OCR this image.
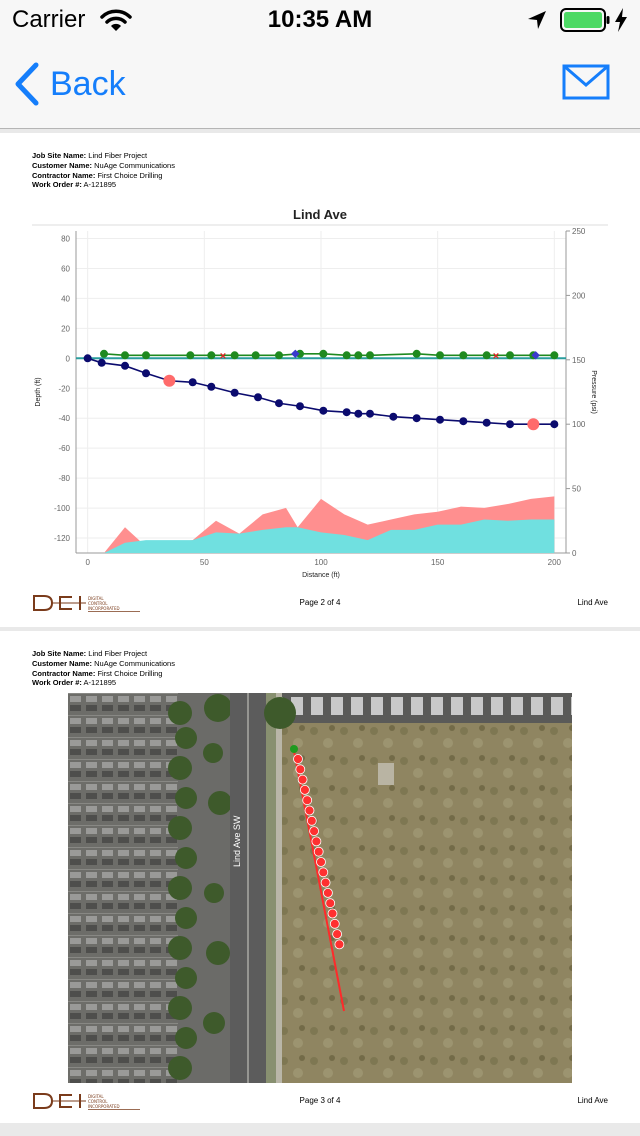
Carrier	10:35 AM
Back
Job Site Name: Lind Fiber Project
Customer Name: NuAge Communications
Contractor Name: First Choice Drilling
Work Order #: A-121895
Lind Ave
×	×
0	50	100	150	200
80
60
40
20
0
-20
-40
-60
-80
-100
-120
0
50
100
150
200
250
Distance (ft)
Depth (ft)	Pressure (psi)
DIGITAL
CONTROL
INCORPORATED
Page 2 of 4	Lind Ave
Job Site Name: Lind Fiber Project
Customer Name: NuAge Communications
Contractor Name: First Choice Drilling
Work Order #: A-121895
Lind Ave SW
DIGITAL
CONTROL
INCORPORATED
Page 3 of 4	Lind Ave
